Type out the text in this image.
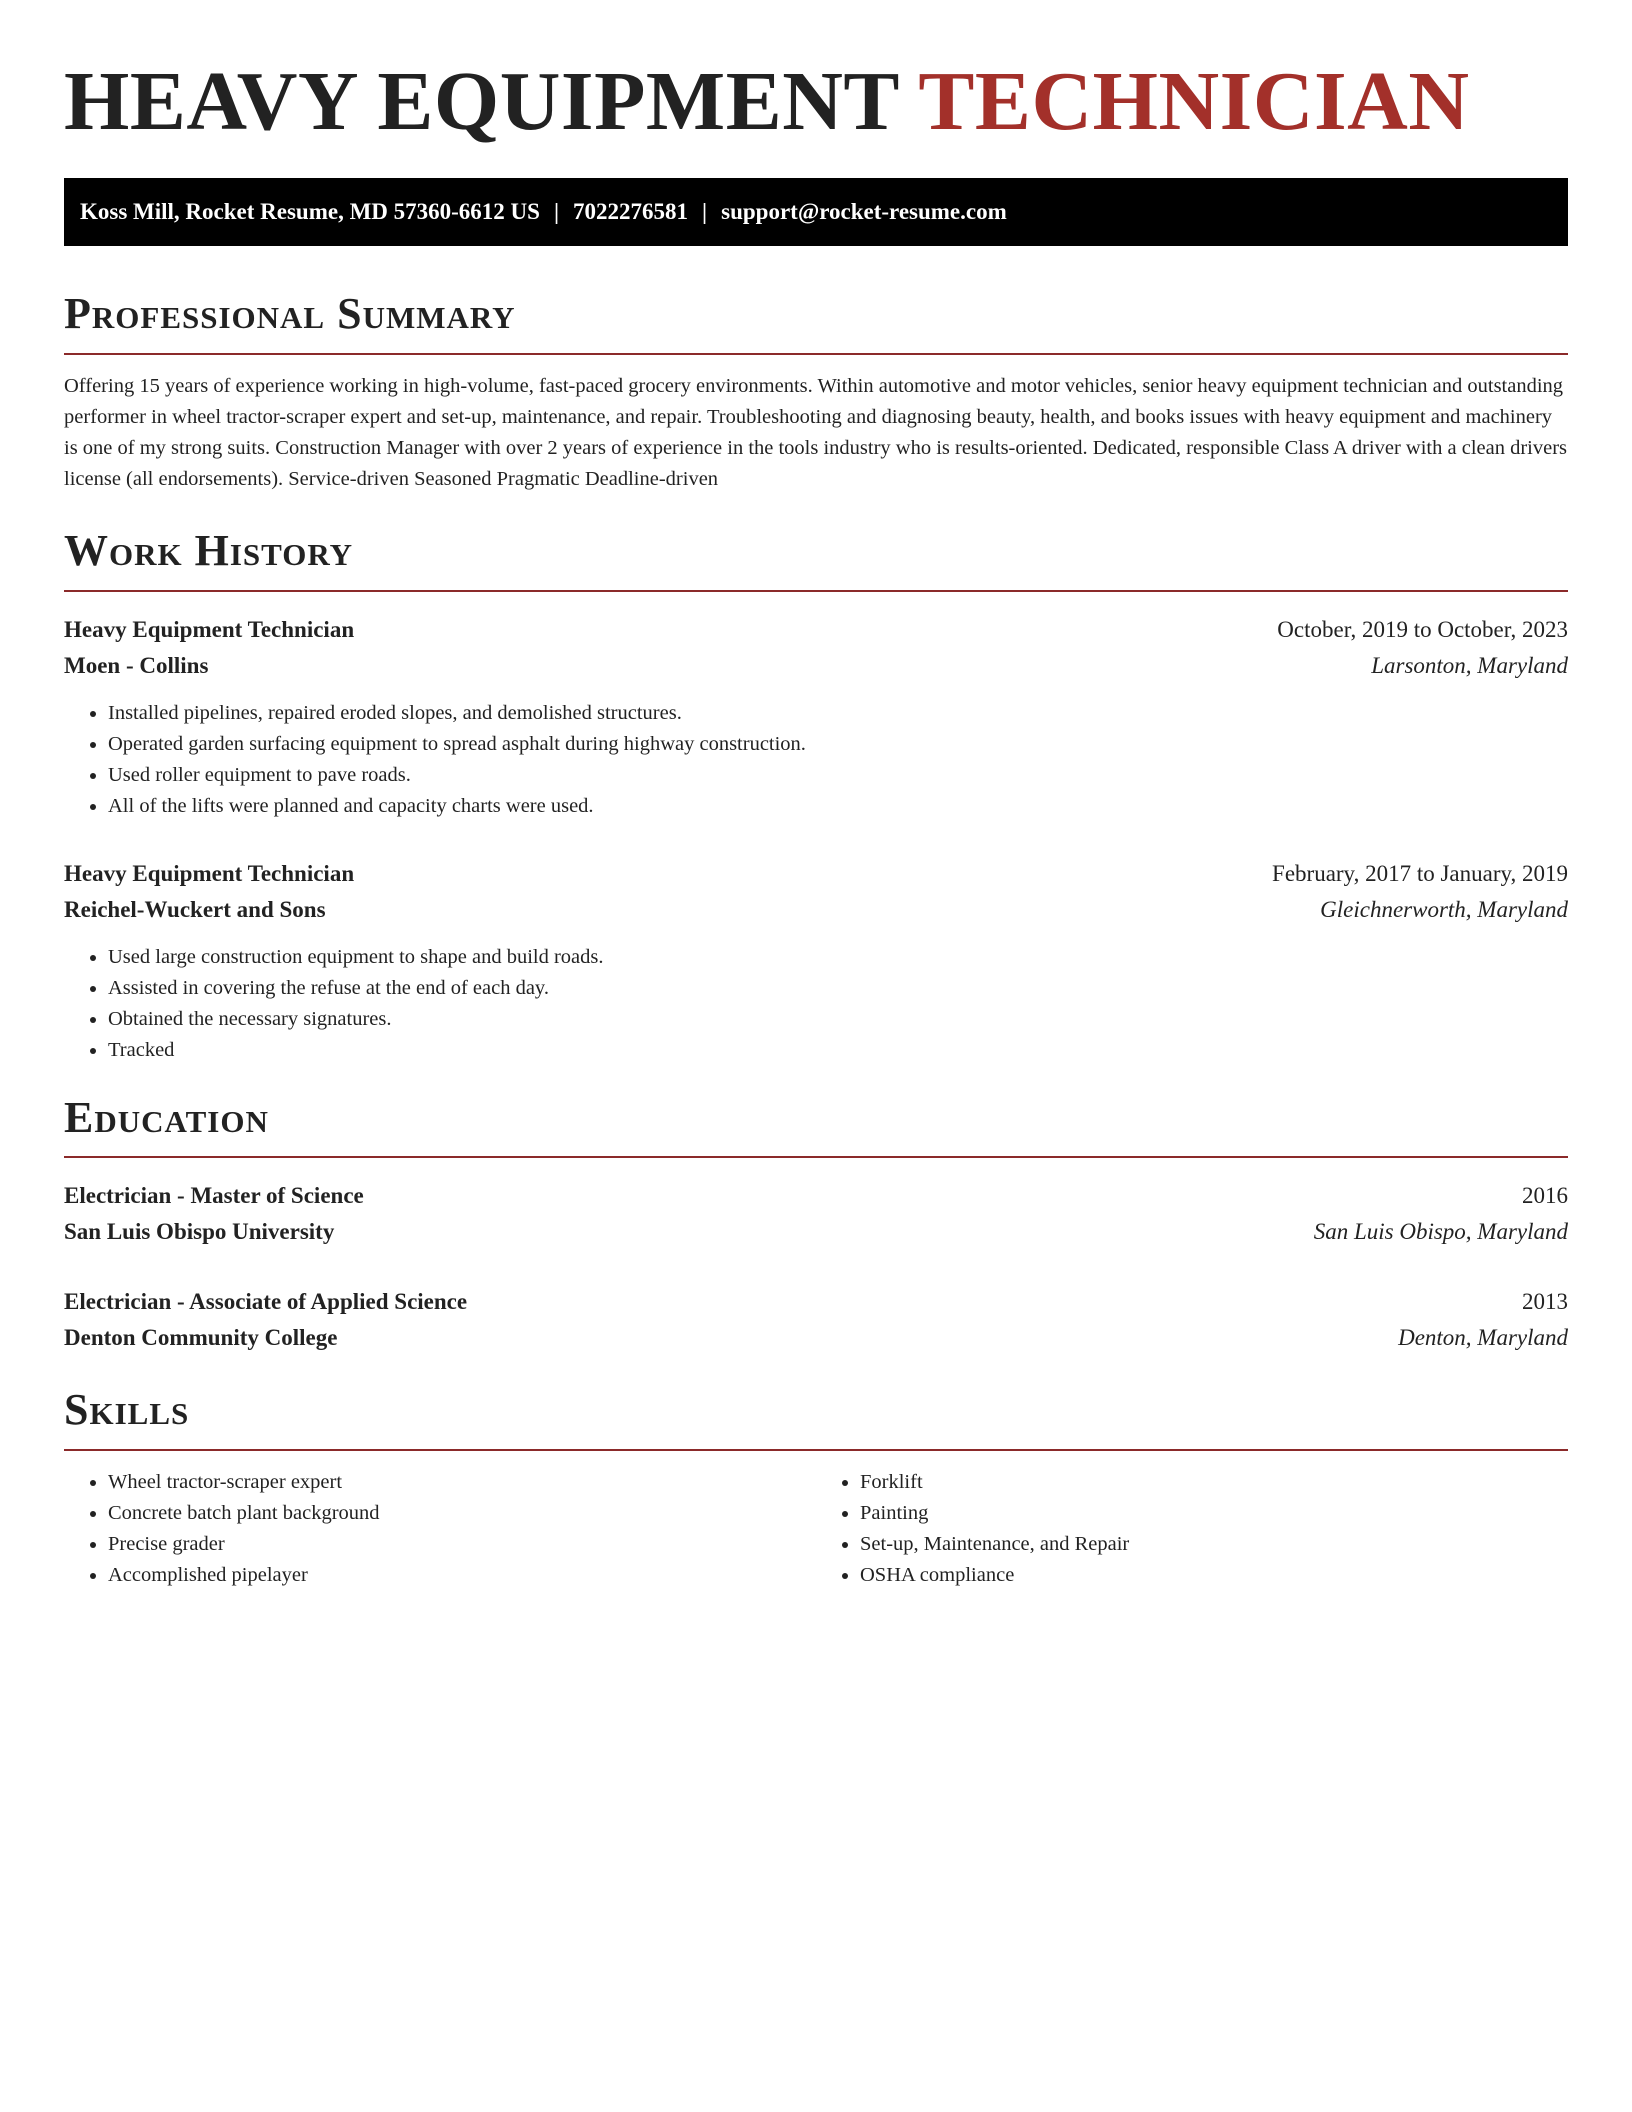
HEAVY EQUIPMENT TECHNICIAN
Koss Mill, Rocket Resume, MD 57360-6612 US | 7022276581 | support@rocket-resume.com
Professional Summary

Offering 15 years of experience working in high-volume, fast-paced grocery environments. Within automotive and motor vehicles, senior heavy equipment technician and outstanding performer in wheel tractor-scraper expert and set-up, maintenance, and repair. Troubleshooting and diagnosing beauty, health, and books issues with heavy equipment and machinery is one of my strong suits. Construction Manager with over 2 years of experience in the tools industry who is results-oriented. Dedicated, responsible Class A driver with a clean drivers license (all endorsements). Service-driven Seasoned Pragmatic Deadline-driven

Work History
Heavy Equipment Technician	October, 2019 to October, 2023
Moen - Collins	Larsonton, Maryland
• Installed pipelines, repaired eroded slopes, and demolished structures.
• Operated garden surfacing equipment to spread asphalt during highway construction.
• Used roller equipment to pave roads.
• All of the lifts were planned and capacity charts were used.
Heavy Equipment Technician	February, 2017 to January, 2019
Reichel-Wuckert and Sons	Gleichnerworth, Maryland
• Used large construction equipment to shape and build roads.
• Assisted in covering the refuse at the end of each day.
• Obtained the necessary signatures.
• Tracked
Education
Electrician - Master of Science	2016
San Luis Obispo University	San Luis Obispo, Maryland
Electrician - Associate of Applied Science	2013
Denton Community College	Denton, Maryland
Skills
• Wheel tractor-scraper expert
• Concrete batch plant background
• Precise grader
• Accomplished pipelayer
• Forklift
• Painting
• Set-up, Maintenance, and Repair
• OSHA compliance
